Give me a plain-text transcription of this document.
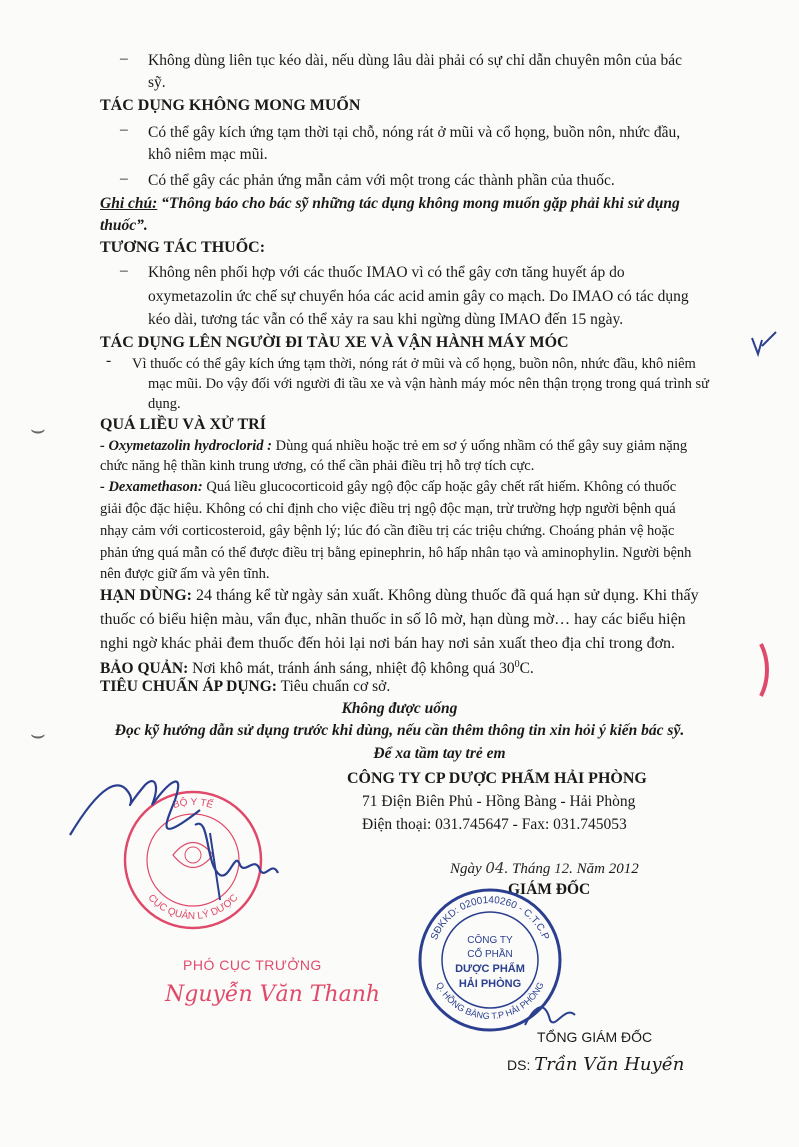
– Không dùng liên tục kéo dài, nếu dùng lâu dài phải có sự chỉ dẫn chuyên môn của bác
sỹ.
TÁC DỤNG KHÔNG MONG MUỐN
– Có thể gây kích ứng tạm thời tại chỗ, nóng rát ở mũi và cổ họng, buồn nôn, nhức đầu,
khô niêm mạc mũi.
– Có thể gây các phản ứng mẫn cảm với một trong các thành phần của thuốc.
Ghi chú: “Thông báo cho bác sỹ những tác dụng không mong muốn gặp phải khi sử dụng
thuốc”.
TƯƠNG TÁC THUỐC:
– Không nên phối hợp với các thuốc IMAO vì có thể gây cơn tăng huyết áp do
oxymetazolin ức chế sự chuyển hóa các acid amin gây co mạch. Do IMAO có tác dụng
kéo dài, tương tác vẫn có thể xảy ra sau khi ngừng dùng IMAO đến 15 ngày.
TÁC DỤNG LÊN NGƯỜI ĐI TÀU XE VÀ VẬN HÀNH MÁY MÓC
- Vì thuốc có thể gây kích ứng tạm thời, nóng rát ở mũi và cổ họng, buồn nôn, nhức đầu, khô niêm
mạc mũi. Do vậy đối với người đi tầu xe và vận hành máy móc nên thận trọng trong quá trình sử
dụng.
QUÁ LIỀU VÀ XỬ TRÍ
- Oxymetazolin hydroclorid : Dùng quá nhiều hoặc trẻ em sơ ý uống nhầm có thể gây suy giảm nặng
chức năng hệ thần kinh trung ương, có thể cần phải điều trị hỗ trợ tích cực.
- Dexamethason: Quá liều glucocorticoid gây ngộ độc cấp hoặc gây chết rất hiếm. Không có thuốc
giải độc đặc hiệu. Không có chỉ định cho việc điều trị ngộ độc mạn, trừ trường hợp người bệnh quá
nhạy cảm với corticosteroid, gây bệnh lý; lúc đó cần điều trị các triệu chứng. Choáng phản vệ hoặc
phản ứng quá mẫn có thể được điều trị bằng epinephrin, hô hấp nhân tạo và aminophylin. Người bệnh
nên được giữ ấm và yên tĩnh.
HẠN DÙNG: 24 tháng kể từ ngày sản xuất. Không dùng thuốc đã quá hạn sử dụng. Khi thấy
thuốc có biểu hiện màu, vẩn đục, nhãn thuốc in số lô mờ, hạn dùng mờ… hay các biểu hiện
nghi ngờ khác phải đem thuốc đến hỏi lại nơi bán hay nơi sản xuất theo địa chỉ trong đơn.
BẢO QUẢN: Nơi khô mát, tránh ánh sáng, nhiệt độ không quá $30^0C$.
TIÊU CHUẨN ÁP DỤNG: Tiêu chuẩn cơ sở.
Không được uống
Đọc kỹ hướng dẫn sử dụng trước khi dùng, nếu cần thêm thông tin xin hỏi ý kiến bác sỹ.
Để xa tầm tay trẻ em
CÔNG TY CP DƯỢC PHẨM HẢI PHÒNG
71 Điện Biên Phủ - Hồng Bàng - Hải Phòng
Điện thoại: 031.745647 - Fax: 031.745053
Ngày 04. Tháng 12. Năm 2012
GIÁM ĐỐC
PHÓ CỤC TRƯỞNG
Nguyễn Văn Thanh
SĐKKD: 0200140260 - C.T.C.P
Q. HỒNG BÀNG T.P HẢI PHÒNG
CÔNG TY
CỔ PHẦN
DƯỢC PHẨM
HẢI PHÒNG
BỘ Y TẾ
CỤC QUẢN LÝ DƯỢC
TỔNG GIÁM ĐỐC
DS: Trần Văn Huyến
⌣
⌣
